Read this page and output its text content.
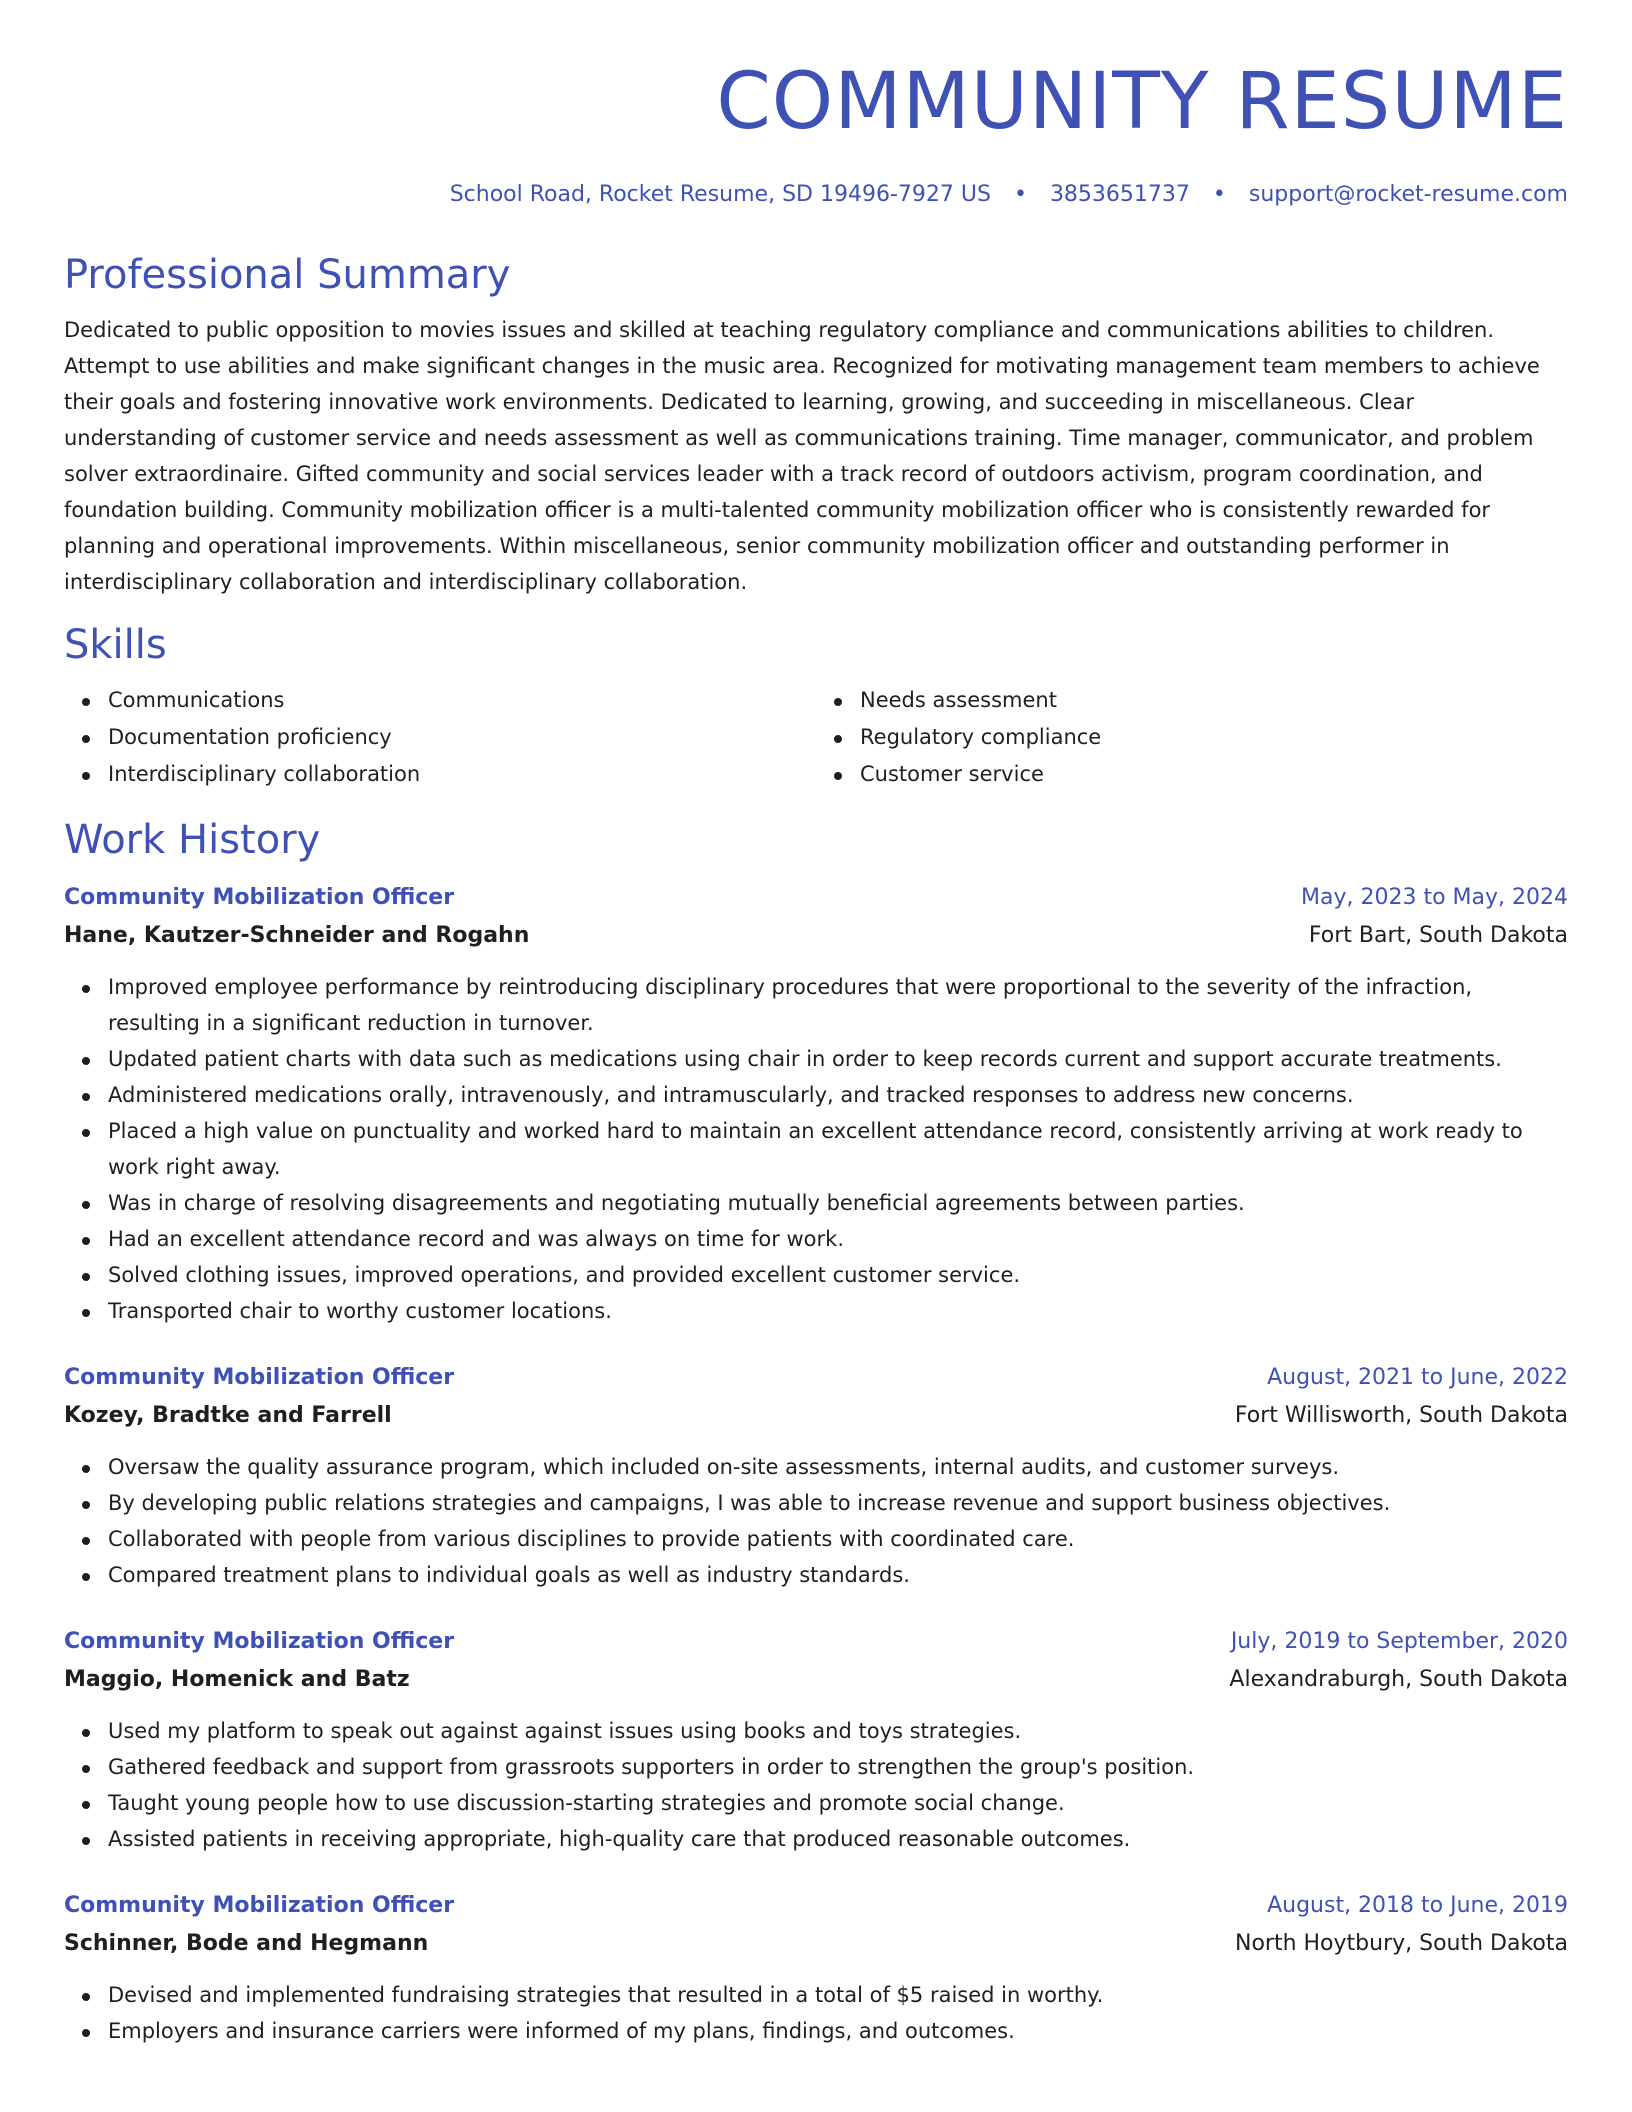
COMMUNITY RESUME
School Road, Rocket Resume, SD 19496-7927 US • 3853651737 • support@rocket-resume.com
Professional Summary
Dedicated to public opposition to movies issues and skilled at teaching regulatory compliance and communications abilities to children. Attempt to use abilities and make significant changes in the music area. Recognized for motivating management team members to achieve their goals and fostering innovative work environments. Dedicated to learning, growing, and succeeding in miscellaneous. Clear understanding of customer service and needs assessment as well as communications training. Time manager, communicator, and problem solver extraordinaire. Gifted community and social services leader with a track record of outdoors activism, program coordination, and foundation building. Community mobilization officer is a multi-talented community mobilization officer who is consistently rewarded for planning and operational improvements. Within miscellaneous, senior community mobilization officer and outstanding performer in interdisciplinary collaboration and interdisciplinary collaboration.
Skills
Communications
Documentation proficiency
Interdisciplinary collaboration
Needs assessment
Regulatory compliance
Customer service
Work History
Community Mobilization Officer	May, 2023 to May, 2024
Hane, Kautzer-Schneider and Rogahn	Fort Bart, South Dakota
Improved employee performance by reintroducing disciplinary procedures that were proportional to the severity of the infraction, resulting in a significant reduction in turnover.
Updated patient charts with data such as medications using chair in order to keep records current and support accurate treatments.
Administered medications orally, intravenously, and intramuscularly, and tracked responses to address new concerns.
Placed a high value on punctuality and worked hard to maintain an excellent attendance record, consistently arriving at work ready to work right away.
Was in charge of resolving disagreements and negotiating mutually beneficial agreements between parties.
Had an excellent attendance record and was always on time for work.
Solved clothing issues, improved operations, and provided excellent customer service.
Transported chair to worthy customer locations.
Community Mobilization Officer	August, 2021 to June, 2022
Kozey, Bradtke and Farrell	Fort Willisworth, South Dakota
Oversaw the quality assurance program, which included on-site assessments, internal audits, and customer surveys.
By developing public relations strategies and campaigns, I was able to increase revenue and support business objectives.
Collaborated with people from various disciplines to provide patients with coordinated care.
Compared treatment plans to individual goals as well as industry standards.
Community Mobilization Officer	July, 2019 to September, 2020
Maggio, Homenick and Batz	Alexandraburgh, South Dakota
Used my platform to speak out against against issues using books and toys strategies.
Gathered feedback and support from grassroots supporters in order to strengthen the group's position.
Taught young people how to use discussion-starting strategies and promote social change.
Assisted patients in receiving appropriate, high-quality care that produced reasonable outcomes.
Community Mobilization Officer	August, 2018 to June, 2019
Schinner, Bode and Hegmann	North Hoytbury, South Dakota
Devised and implemented fundraising strategies that resulted in a total of $5 raised in worthy.
Employers and insurance carriers were informed of my plans, findings, and outcomes.
